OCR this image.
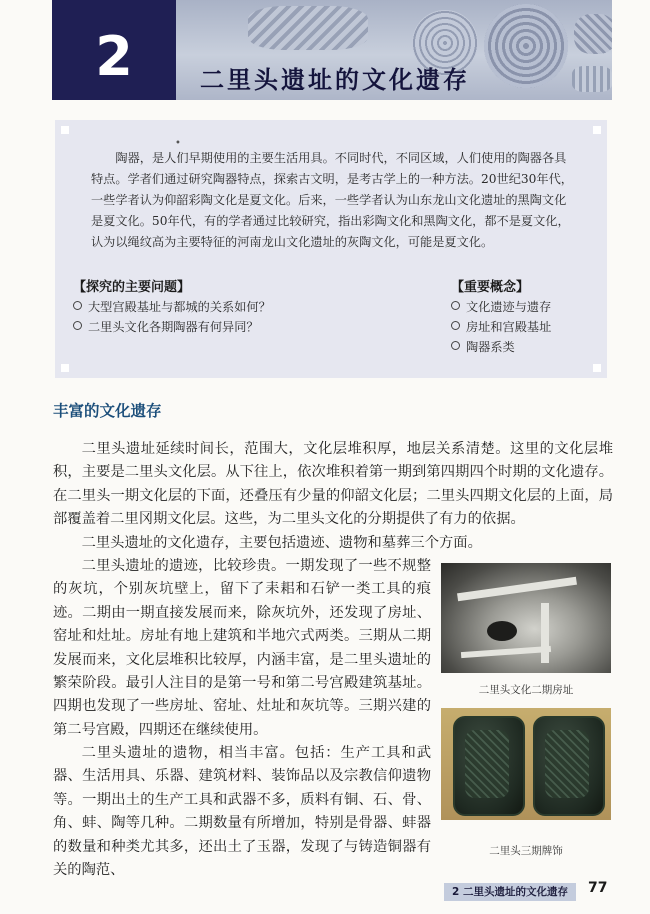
2	二里头遗址的文化遗存
•

陶器，是人们早期使用的主要生活用具。不同时代，不同区域，人们使用的陶器各具特点。学者们通过研究陶器特点，探索古文明，是考古学上的一种方法。20世纪30年代，一些学者认为仰韶彩陶文化是夏文化。后来，一些学者认为山东龙山文化遗址的黑陶文化是夏文化。50年代，有的学者通过比较研究，指出彩陶文化和黑陶文化，都不是夏文化，认为以绳纹高为主要特征的河南龙山文化遗址的灰陶文化，可能是夏文化。

【探究的主要问题】
大型宫殿基址与都城的关系如何？
二里头文化各期陶器有何异同？
【重要概念】
文化遗迹与遗存
房址和宫殿基址
陶器系类
丰富的文化遗存

二里头遗址延续时间长，范围大，文化层堆积厚，地层关系清楚。这里的文化层堆积，主要是二里头文化层。从下往上，依次堆积着第一期到第四期四个时期的文化遗存。在二里头一期文化层的下面，还叠压有少量的仰韶文化层；二里头四期文化层的上面，局部覆盖着二里冈期文化层。这些，为二里头文化的分期提供了有力的依据。

二里头遗址的文化遗存，主要包括遗迹、遗物和墓葬三个方面。

二里头遗址的遗迹，比较珍贵。一期发现了一些不规整的灰坑，个别灰坑壁上，留下了耒耜和石铲一类工具的痕迹。二期由一期直接发展而来，除灰坑外，还发现了房址、窑址和灶址。房址有地上建筑和半地穴式两类。三期从二期发展而来，文化层堆积比较厚，内涵丰富，是二里头遗址的繁荣阶段。最引人注目的是第一号和第二号宫殿建筑基址。四期也发现了一些房址、窑址、灶址和灰坑等。三期兴建的第二号宫殿，四期还在继续使用。

二里头遗址的遗物，相当丰富。包括：生产工具和武器、生活用具、乐器、建筑材料、装饰品以及宗教信仰遗物等。一期出土的生产工具和武器不多，质料有铜、石、骨、角、蚌、陶等几种。二期数量有所增加，特别是骨器、蚌器的数量和种类尤其多，还出土了玉器，发现了与铸造铜器有关的陶范、

二里头文化二期房址
二里头三期牌饰
2 二里头遗址的文化遗存	77
